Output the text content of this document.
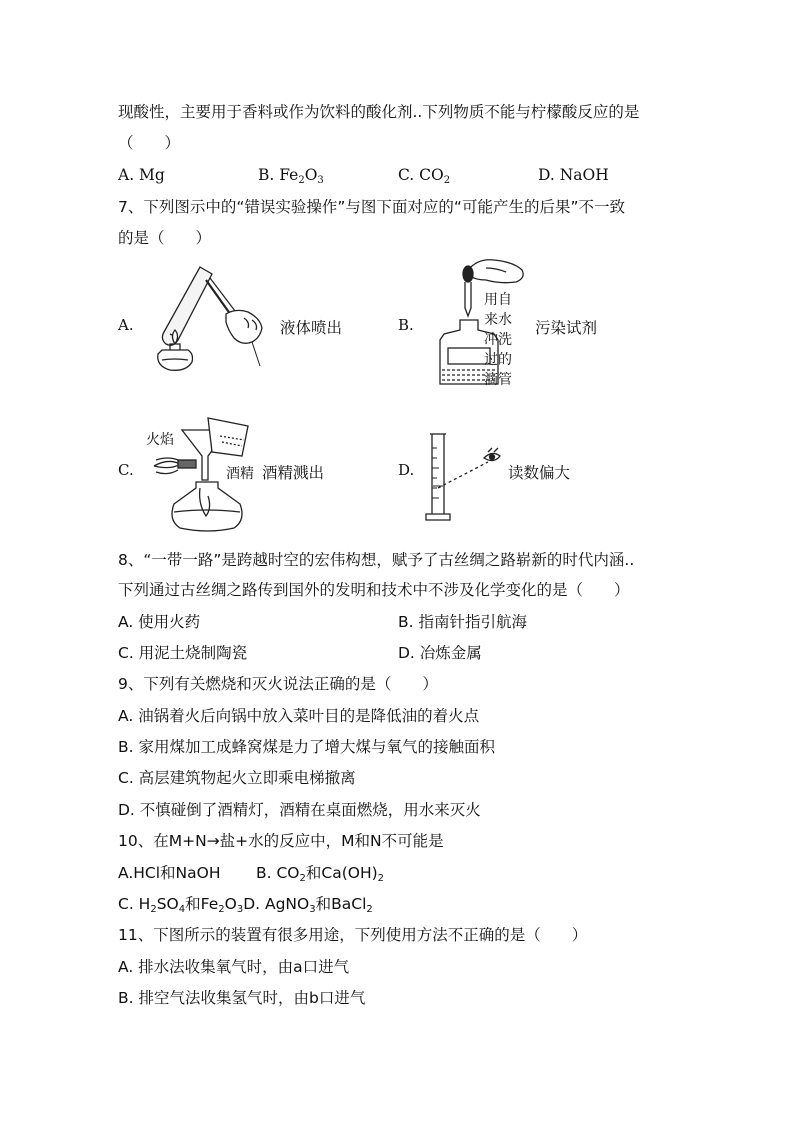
现酸性，主要用于香料或作为饮料的酸化剂..下列物质不能与柠檬酸反应的是
（　　）
A. Mg	B. $Fe_2O_3$	C. $CO_2$	D. NaOH
7、下列图示中的“错误实验操作”与图下面对应的“可能产生的后果”不一致
的是（　　）
A.	液体喷出	B.
用自
来水
冲洗
过的
滴管
污染试剂
C.
火焰
酒精 酒精溅出	D.	读数偏大
8、“一带一路”是跨越时空的宏伟构想，赋予了古丝绸之路崭新的时代内涵..
下列通过古丝绸之路传到国外的发明和技术中不涉及化学变化的是（　　）
A. 使用火药	B. 指南针指引航海
C. 用泥土烧制陶瓷	D. 冶炼金属
9、下列有关燃烧和灭火说法正确的是（　　）
A. 油锅着火后向锅中放入菜叶目的是降低油的着火点
B. 家用煤加工成蜂窝煤是力了增大煤与氧气的接触面积
C. 高层建筑物起火立即乘电梯撤离
D. 不慎碰倒了酒精灯，酒精在桌面燃烧，用水来灭火
10、在M+N→盐+水的反应中，M和N不可能是
A.HCl和NaOH B. $CO_2$和$Ca(OH)_2$
C. $H_2SO_4$和$Fe_2O_3D$. AgNO$_3$和BaCl$_2$
11、下图所示的装置有很多用途，下列使用方法不正确的是（　　）
A. 排水法收集氧气时，由a口进气
B. 排空气法收集氢气时，由b口进气
